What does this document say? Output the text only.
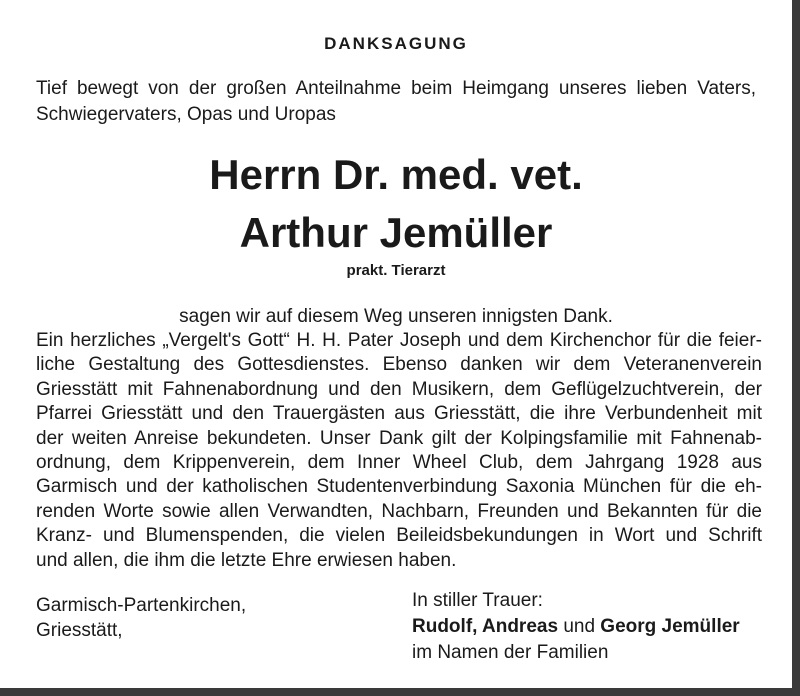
DANKSAGUNG
Tief bewegt von der großen Anteilnahme beim Heimgang unseres lieben Vaters,
Schwiegervaters, Opas und Uropas
Herrn Dr. med. vet.
Arthur Jemüller
prakt. Tierarzt
sagen wir auf diesem Weg unseren innigsten Dank.
Ein herzliches „Vergelt's Gott“ H. H. Pater Joseph und dem Kirchenchor für die feier-
liche Gestaltung des Gottesdienstes. Ebenso danken wir dem Veteranenverein
Griesstätt mit Fahnenabordnung und den Musikern, dem Geflügelzuchtverein, der
Pfarrei Griesstätt und den Trauergästen aus Griesstätt, die ihre Verbundenheit mit
der weiten Anreise bekundeten. Unser Dank gilt der Kolpingsfamilie mit Fahnenab-
ordnung, dem Krippenverein, dem Inner Wheel Club, dem Jahrgang 1928 aus
Garmisch und der katholischen Studentenverbindung Saxonia München für die eh-
renden Worte sowie allen Verwandten, Nachbarn, Freunden und Bekannten für die
Kranz- und Blumenspenden, die vielen Beileidsbekundungen in Wort und Schrift
und allen, die ihm die letzte Ehre erwiesen haben.
Garmisch-Partenkirchen,
Griesstätt,
In stiller Trauer:
Rudolf, Andreas und Georg Jemüller
im Namen der Familien
